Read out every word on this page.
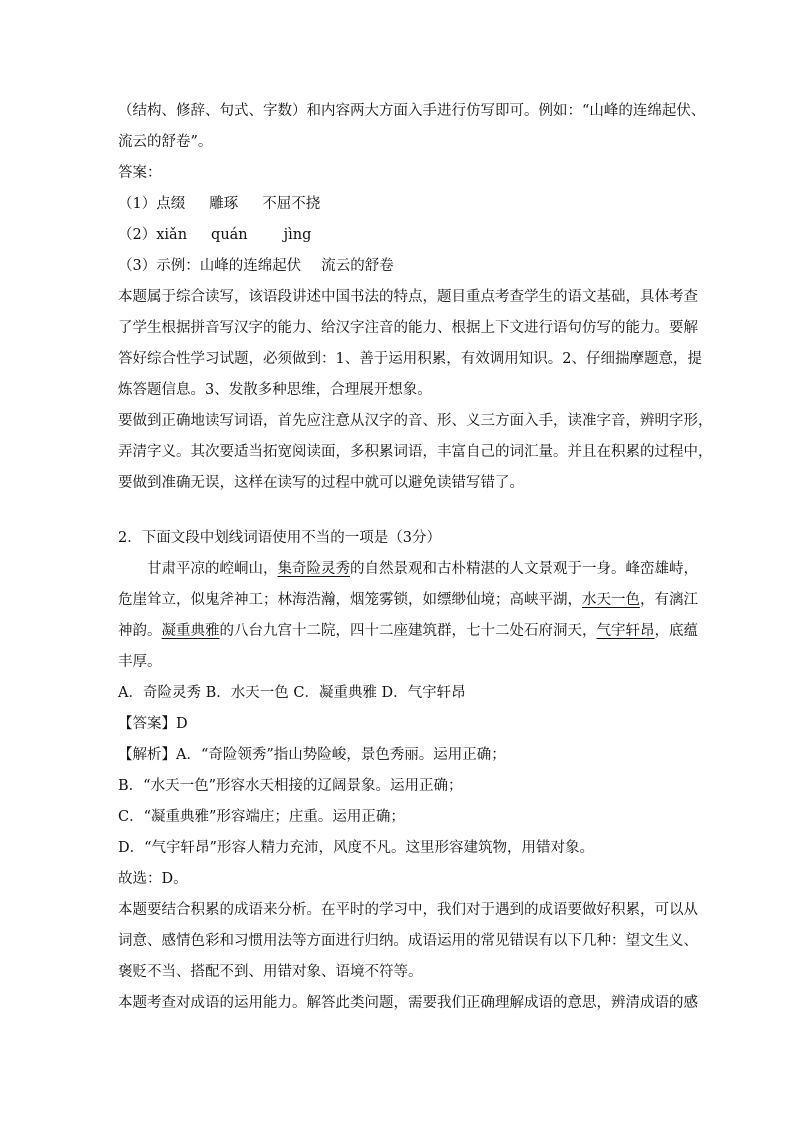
（结构、修辞、句式、字数）和内容两大方面入手进行仿写即可。例如：“山峰的连绵起伏、
流云的舒卷”。
答案：
（1）点缀 雕琢 不屈不挠
（2）xiǎn quán jìng
（3）示例：山峰的连绵起伏 流云的舒卷
本题属于综合读写，该语段讲述中国书法的特点，题目重点考查学生的语文基础，具体考查
了学生根据拼音写汉字的能力、给汉字注音的能力、根据上下文进行语句仿写的能力。要解
答好综合性学习试题，必须做到：1、善于运用积累，有效调用知识。2、仔细揣摩题意，提
炼答题信息。3、发散多种思维，合理展开想象。
要做到正确地读写词语，首先应注意从汉字的音、形、义三方面入手，读准字音，辨明字形，
弄清字义。其次要适当拓宽阅读面，多积累词语，丰富自己的词汇量。并且在积累的过程中，
要做到准确无误，这样在读写的过程中就可以避免读错写错了。
2．下面文段中划线词语使用不当的一项是（3分）
甘肃平凉的崆峒山，集奇险灵秀的自然景观和古朴精湛的人文景观于一身。峰峦雄峙，
危崖耸立，似鬼斧神工；林海浩瀚，烟笼雾锁，如缥缈仙境；高峡平湖，水天一色，有漓江
神韵。凝重典雅的八台九宫十二院，四十二座建筑群，七十二处石府洞天，气宇轩昂，底蕴
丰厚。
A．奇险灵秀 B．水天一色 C．凝重典雅 D．气宇轩昂
【答案】D
【解析】A．“奇险领秀”指山势险峻，景色秀丽。运用正确；
B．“水天一色”形容水天相接的辽阔景象。运用正确；
C．“凝重典雅”形容端庄；庄重。运用正确；
D．“气宇轩昂”形容人精力充沛，风度不凡。这里形容建筑物，用错对象。
故选：D。
本题要结合积累的成语来分析。在平时的学习中，我们对于遇到的成语要做好积累，可以从
词意、感情色彩和习惯用法等方面进行归纳。成语运用的常见错误有以下几种：望文生义、
褒贬不当、搭配不到、用错对象、语境不符等。
本题考查对成语的运用能力。解答此类问题，需要我们正确理解成语的意思，辨清成语的感
